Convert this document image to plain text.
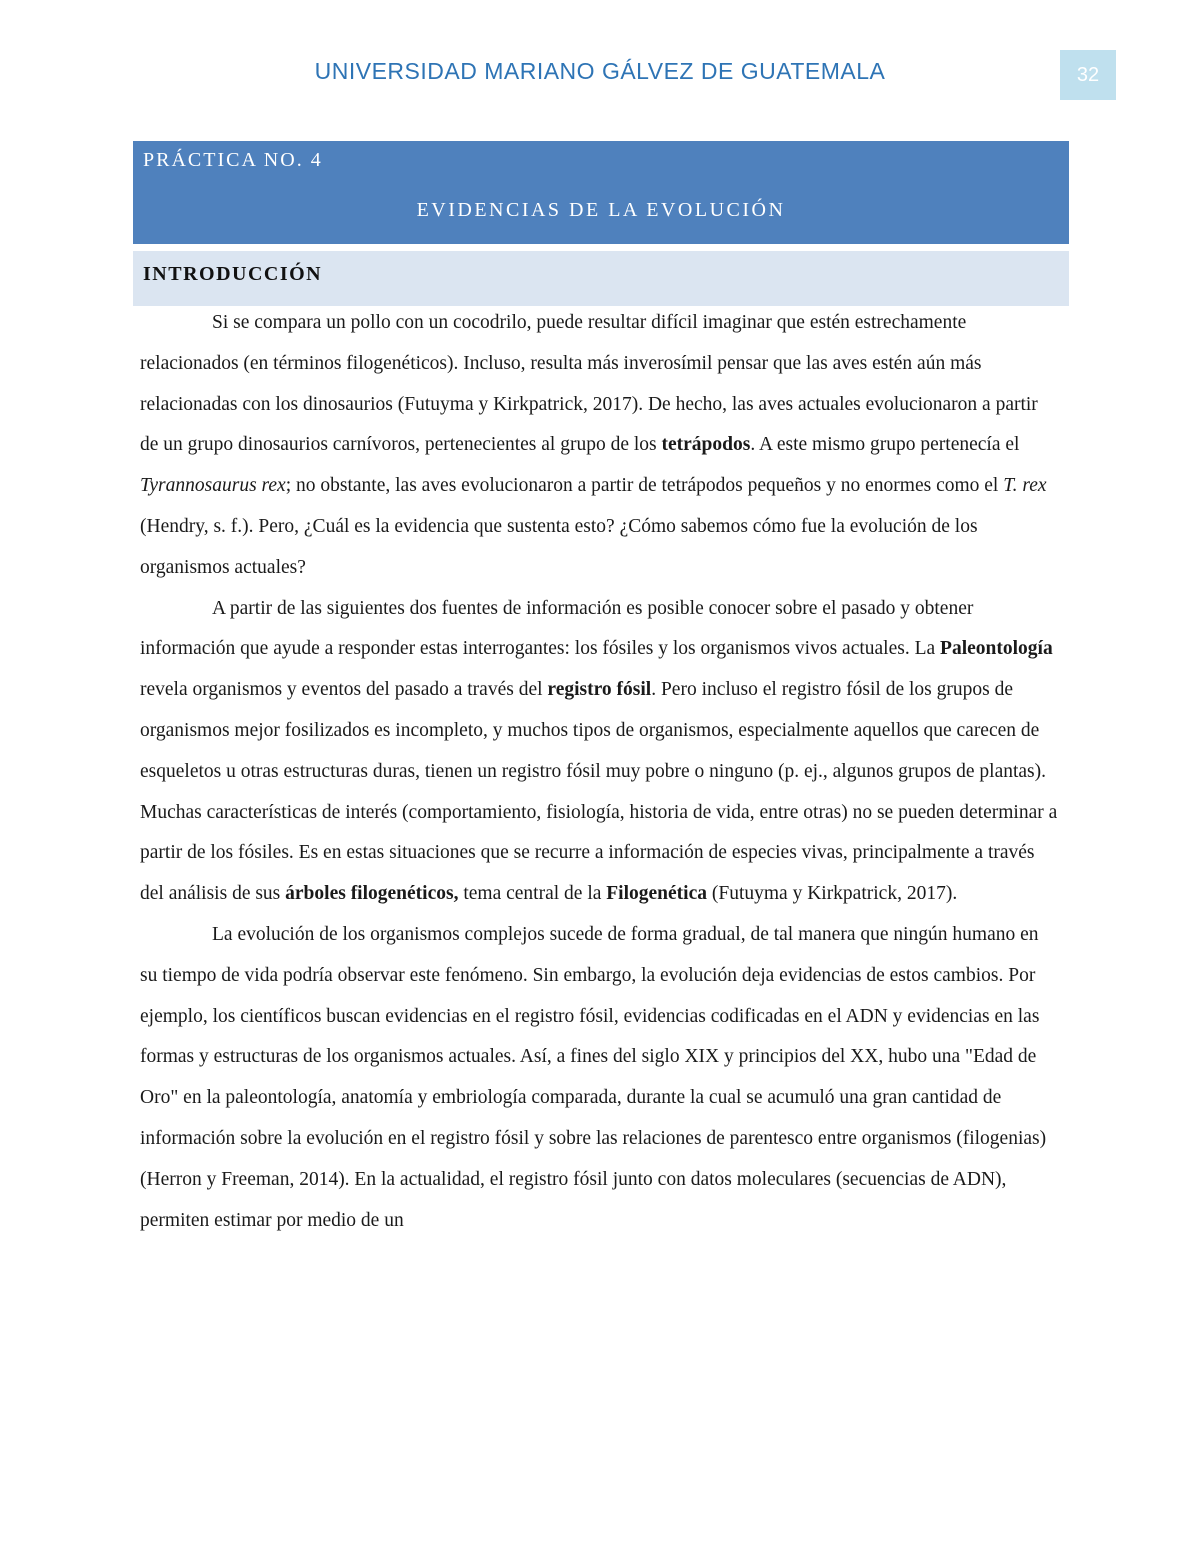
UNIVERSIDAD MARIANO GÁLVEZ DE GUATEMALA	32
PRÁCTICA NO. 4
EVIDENCIAS DE LA EVOLUCIÓN
INTRODUCCIÓN

Si se compara un pollo con un cocodrilo, puede resultar difícil imaginar que estén estrechamente relacionados (en términos filogenéticos). Incluso, resulta más inverosímil pensar que las aves estén aún más relacionadas con los dinosaurios (Futuyma y Kirkpatrick, 2017). De hecho, las aves actuales evolucionaron a partir de un grupo dinosaurios carnívoros, pertenecientes al grupo de los tetrápodos. A este mismo grupo pertenecía el Tyrannosaurus rex; no obstante, las aves evolucionaron a partir de tetrápodos pequeños y no enormes como el T. rex (Hendry, s. f.). Pero, ¿Cuál es la evidencia que sustenta esto? ¿Cómo sabemos cómo fue la evolución de los organismos actuales?

A partir de las siguientes dos fuentes de información es posible conocer sobre el pasado y obtener información que ayude a responder estas interrogantes: los fósiles y los organismos vivos actuales. La Paleontología revela organismos y eventos del pasado a través del registro fósil. Pero incluso el registro fósil de los grupos de organismos mejor fosilizados es incompleto, y muchos tipos de organismos, especialmente aquellos que carecen de esqueletos u otras estructuras duras, tienen un registro fósil muy pobre o ninguno (p. ej., algunos grupos de plantas). Muchas características de interés (comportamiento, fisiología, historia de vida, entre otras) no se pueden determinar a partir de los fósiles. Es en estas situaciones que se recurre a información de especies vivas, principalmente a través del análisis de sus árboles filogenéticos, tema central de la Filogenética (Futuyma y Kirkpatrick, 2017).

La evolución de los organismos complejos sucede de forma gradual, de tal manera que ningún humano en su tiempo de vida podría observar este fenómeno. Sin embargo, la evolución deja evidencias de estos cambios. Por ejemplo, los científicos buscan evidencias en el registro fósil, evidencias codificadas en el ADN y evidencias en las formas y estructuras de los organismos actuales. Así, a fines del siglo XIX y principios del XX, hubo una "Edad de Oro" en la paleontología, anatomía y embriología comparada, durante la cual se acumuló una gran cantidad de información sobre la evolución en el registro fósil y sobre las relaciones de parentesco entre organismos (filogenias) (Herron y Freeman, 2014). En la actualidad, el registro fósil junto con datos moleculares (secuencias de ADN), permiten estimar por medio de un
